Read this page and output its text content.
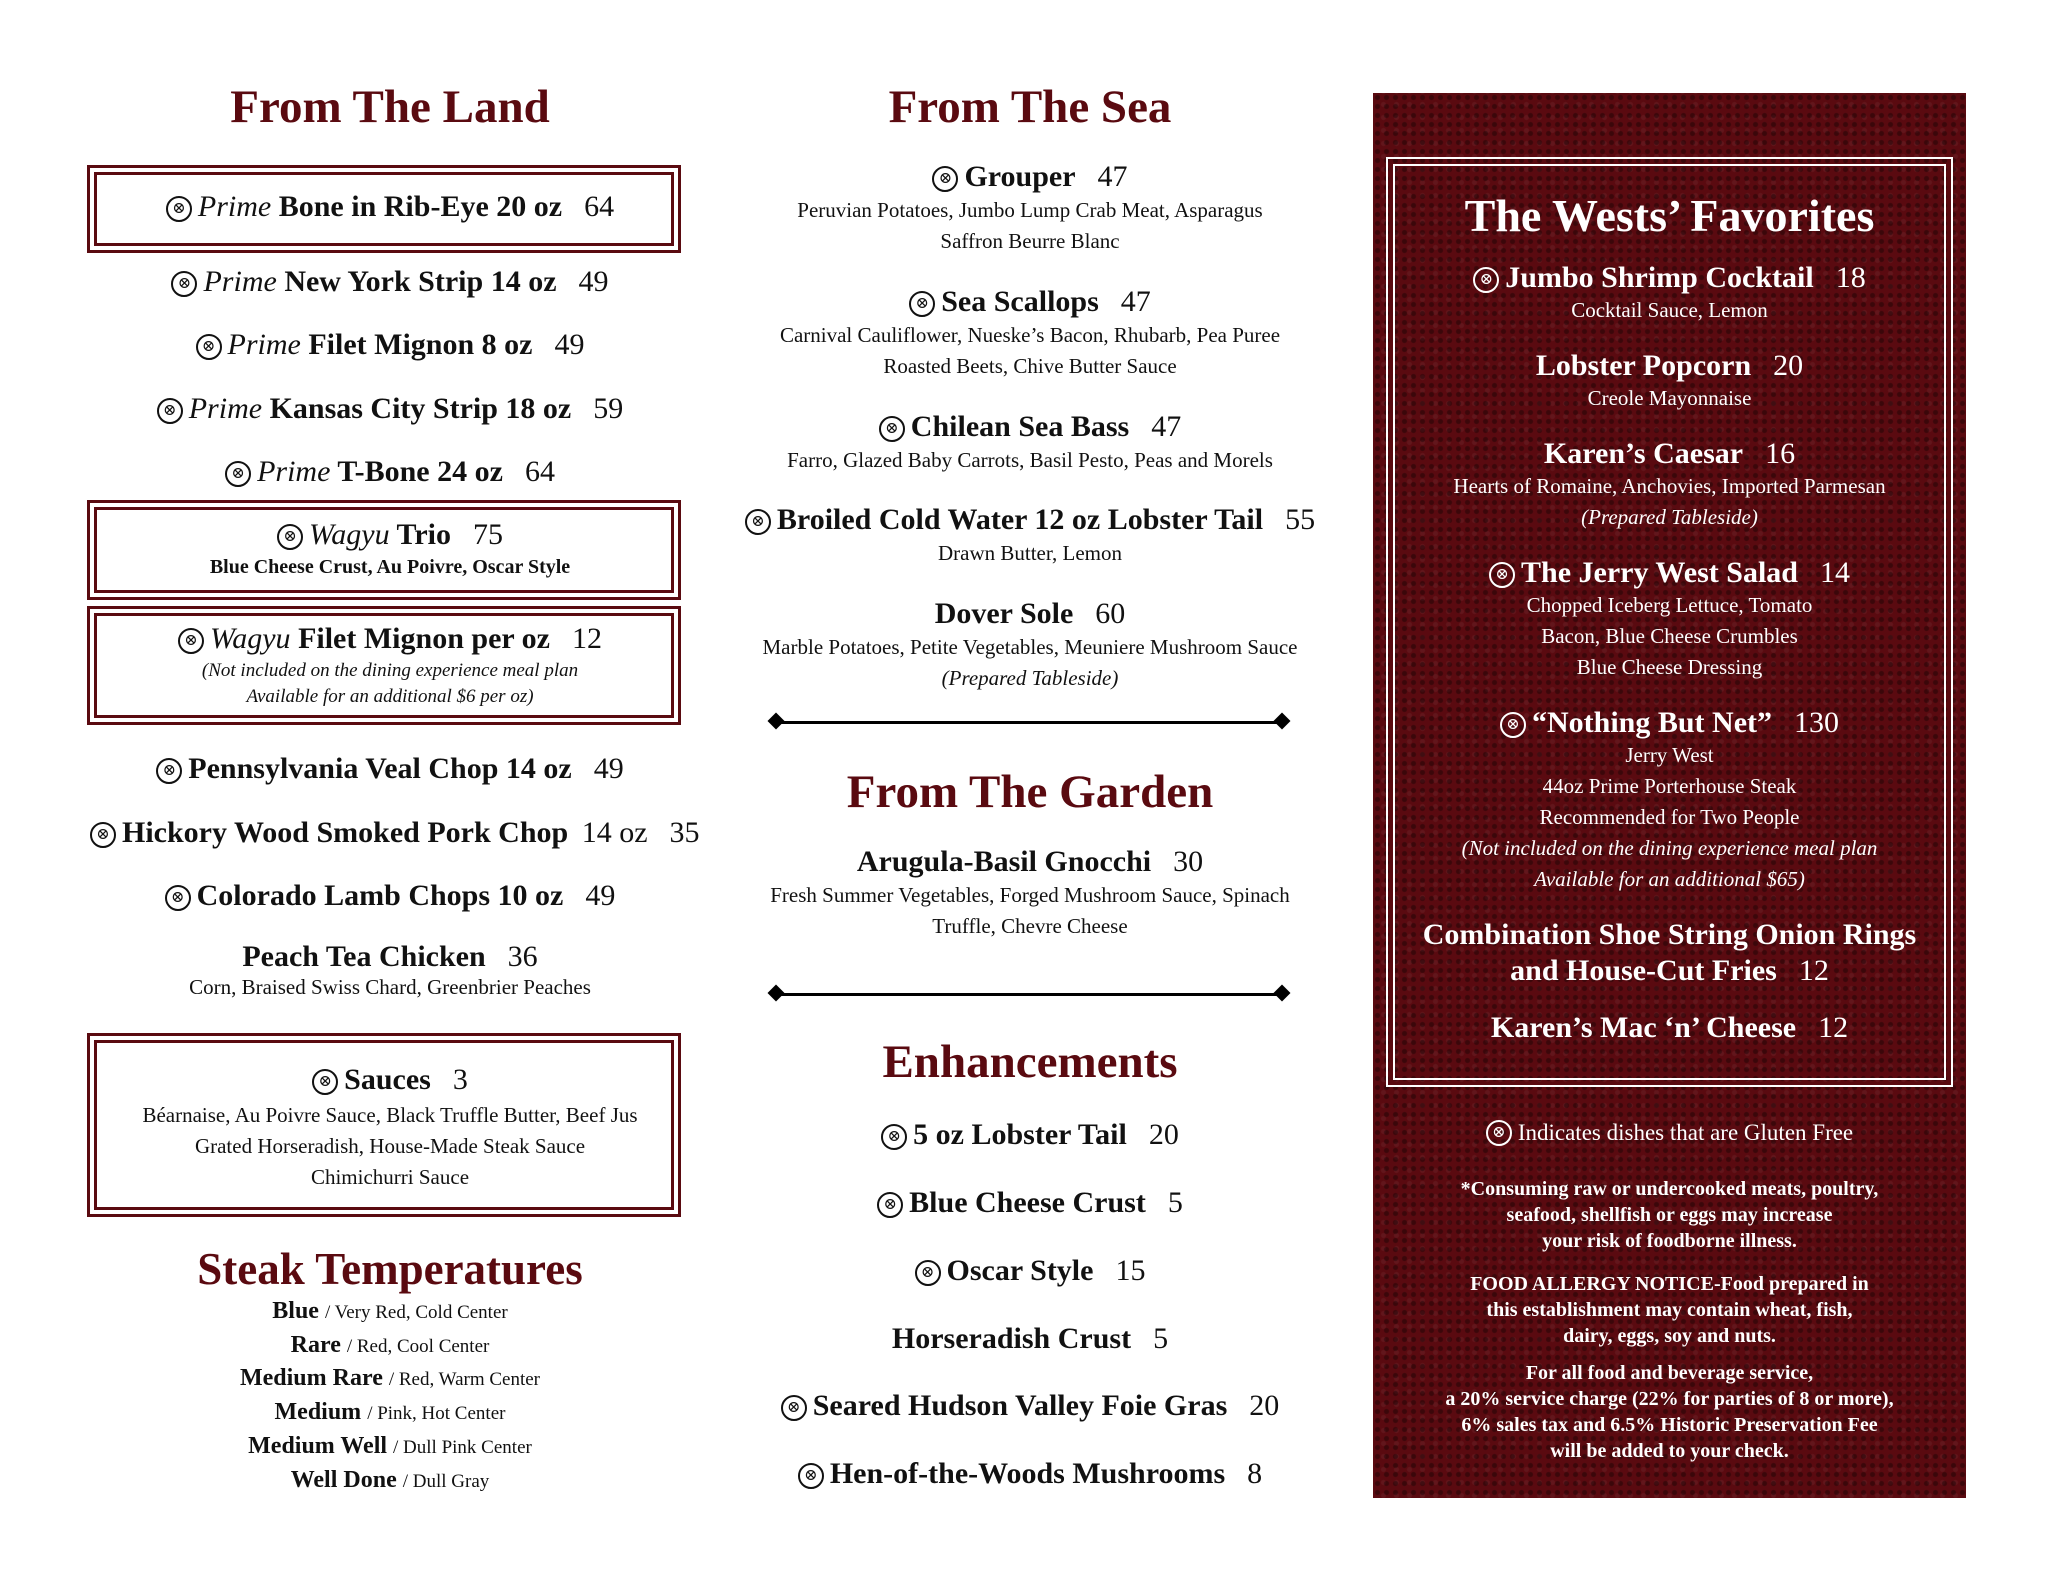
From The Land
⊗ Prime Bone in Rib-Eye 20 oz 64
⊗ Prime New York Strip 14 oz 49
⊗ Prime Filet Mignon 8 oz 49
⊗ Prime Kansas City Strip 18 oz 59
⊗ Prime T-Bone 24 oz 64
⊗ Wagyu Trio 75
Blue Cheese Crust, Au Poivre, Oscar Style
⊗ Wagyu Filet Mignon per oz 12
(Not included on the dining experience meal plan
Available for an additional $6 per oz)
⊗ Pennsylvania Veal Chop 14 oz 49
⊗ Hickory Wood Smoked Pork Chop 14 oz 35
⊗ Colorado Lamb Chops 10 oz 49
Peach Tea Chicken 36
Corn, Braised Swiss Chard, Greenbrier Peaches
⊗ Sauces 3
Béarnaise, Au Poivre Sauce, Black Truffle Butter, Beef Jus
Grated Horseradish, House-Made Steak Sauce
Chimichurri Sauce
Steak Temperatures
Blue / Very Red, Cold Center
Rare / Red, Cool Center
Medium Rare / Red, Warm Center
Medium / Pink, Hot Center
Medium Well / Dull Pink Center
Well Done / Dull Gray
From The Sea
⊗ Grouper 47
Peruvian Potatoes, Jumbo Lump Crab Meat, Asparagus
Saffron Beurre Blanc
⊗ Sea Scallops 47
Carnival Cauliflower, Nueske’s Bacon, Rhubarb, Pea Puree
Roasted Beets, Chive Butter Sauce
⊗ Chilean Sea Bass 47
Farro, Glazed Baby Carrots, Basil Pesto, Peas and Morels
⊗ Broiled Cold Water 12 oz Lobster Tail 55
Drawn Butter, Lemon
Dover Sole 60
Marble Potatoes, Petite Vegetables, Meuniere Mushroom Sauce
(Prepared Tableside)
From The Garden
Arugula-Basil Gnocchi 30
Fresh Summer Vegetables, Forged Mushroom Sauce, Spinach
Truffle, Chevre Cheese
Enhancements
⊗ 5 oz Lobster Tail 20
⊗ Blue Cheese Crust 5
⊗ Oscar Style 15
Horseradish Crust 5
⊗ Seared Hudson Valley Foie Gras 20
⊗ Hen-of-the-Woods Mushrooms 8
The Wests’ Favorites
⊗ Jumbo Shrimp Cocktail 18
Cocktail Sauce, Lemon
Lobster Popcorn 20
Creole Mayonnaise
Karen’s Caesar 16
Hearts of Romaine, Anchovies, Imported Parmesan
(Prepared Tableside)
⊗ The Jerry West Salad 14
Chopped Iceberg Lettuce, Tomato
Bacon, Blue Cheese Crumbles
Blue Cheese Dressing
⊗ “Nothing But Net” 130
Jerry West
44oz Prime Porterhouse Steak
Recommended for Two People
(Not included on the dining experience meal plan
Available for an additional $65)
Combination Shoe String Onion Rings
and House-Cut Fries 12
Karen’s Mac ‘n’ Cheese 12
⊗ Indicates dishes that are Gluten Free
*Consuming raw or undercooked meats, poultry,
seafood, shellfish or eggs may increase
your risk of foodborne illness.
FOOD ALLERGY NOTICE-Food prepared in
this establishment may contain wheat, fish,
dairy, eggs, soy and nuts.
For all food and beverage service,
a 20% service charge (22% for parties of 8 or more),
6% sales tax and 6.5% Historic Preservation Fee
will be added to your check.
